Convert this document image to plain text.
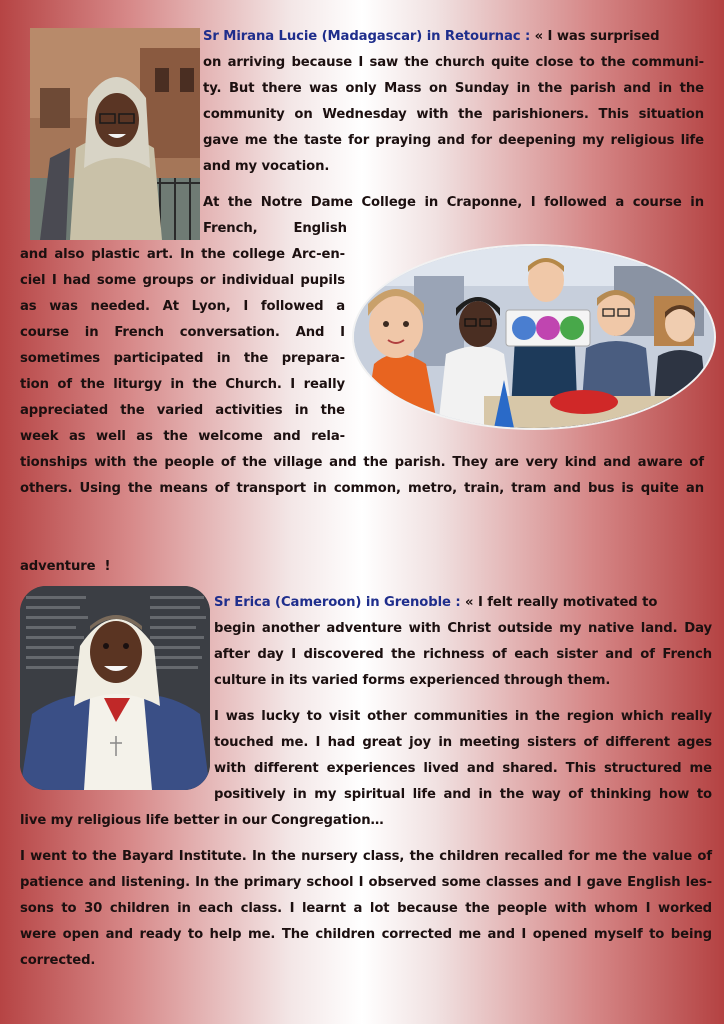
Sr Mirana Lucie (Madagascar) in Retournac : « I was surprised

on arriving because I saw the church quite close to the communi-
ty. But there was only Mass on Sunday in the parish and in the
community on Wednesday with the parishioners. This situation
gave me the taste for praying and for deepening my religious life
and my vocation.
At the Notre Dame College in Craponne, I followed a course in
French,        English
and also plastic art. In the college Arc-en-
ciel I had some groups or individual pupils
as was needed. At Lyon, I followed a
course in French conversation. And I
sometimes participated in the prepara-
tion of the liturgy in the Church. I really
appreciated the varied activities in the
week as well as the welcome and rela-
tionships with the people of the village and the parish. They are very kind and aware of
others. Using the means of transport in common, metro, train, tram and bus is quite an

adventure  !

Sr Erica (Cameroon) in Grenoble : « I felt really motivated to

begin another adventure with Christ outside my native land. Day
after day I discovered the richness of each sister and of French
culture in its varied forms experienced through them.
I was lucky to visit other communities in the region which really
touched me. I had great joy in meeting sisters of different ages
with different experiences lived and shared. This structured me
positively in my spiritual life and in the way of thinking how to
live my religious life better in our Congregation…
I went to the Bayard Institute. In the nursery class, the children recalled for me the value of
patience and listening. In the primary school I observed some classes and I gave English les-
sons to 30 children in each class. I learnt a lot because the people with whom I worked
were open and ready to help me. The children corrected me and I opened myself to being
corrected.
